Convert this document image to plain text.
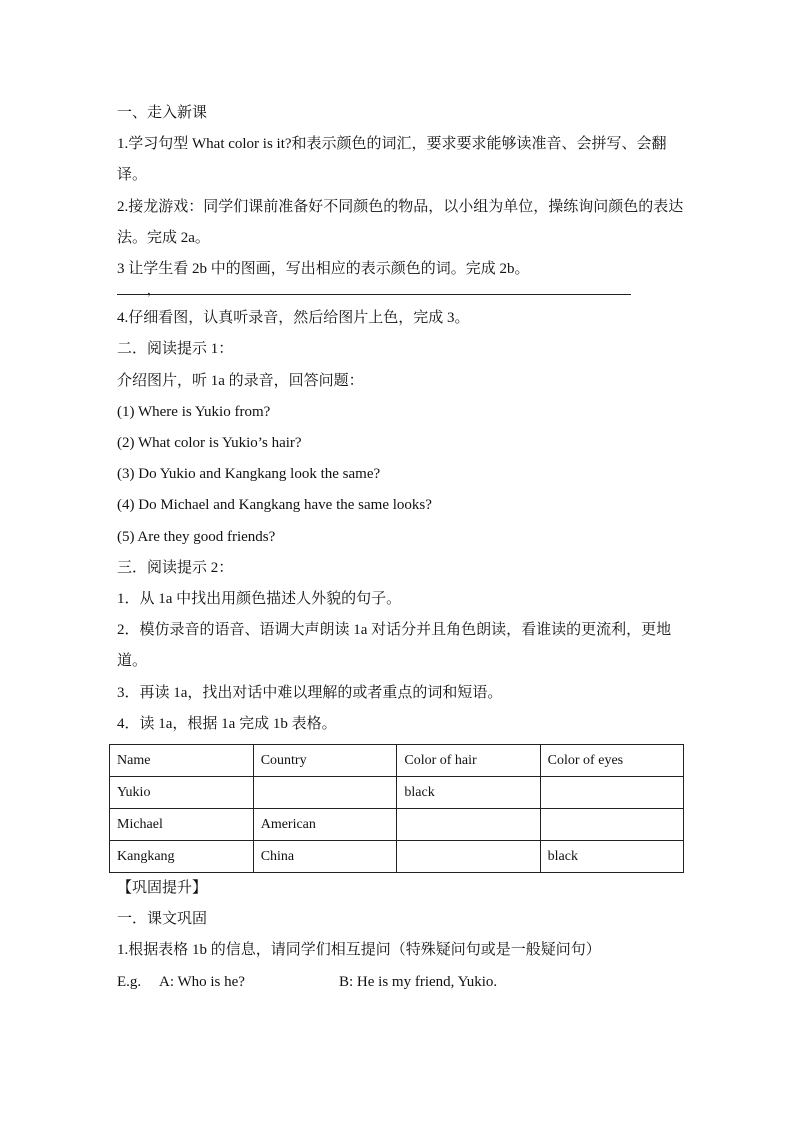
一、走入新课

1.学习句型 What color is it?和表示颜色的词汇，要求要求能够读准音、会拼写、会翻译。

2.接龙游戏：同学们课前准备好不同颜色的物品，以小组为单位，操练询问颜色的表达法。完成 2a。

3 让学生看 2b 中的图画，写出相应的表示颜色的词。完成 2b。

，

4.仔细看图，认真听录音，然后给图片上色，完成 3。

二．阅读提示 1：

介绍图片，听 1a 的录音，回答问题：

(1) Where is Yukio from?

(2) What color is Yukio’s hair?

(3) Do Yukio and Kangkang look the same?

(4) Do Michael and Kangkang have the same looks?

(5) Are they good friends?

三．阅读提示 2：

1．从 1a 中找出用颜色描述人外貌的句子。

2．模仿录音的语音、语调大声朗读 1a 对话分并且角色朗读，看谁读的更流利，更地道。

3．再读 1a，找出对话中难以理解的或者重点的词和短语。

4．读 1a，根据 1a 完成 1b 表格。

Name	Country	Color of hair	Color of eyes
Yukio		black	
Michael	American		
Kangkang	China		black

【巩固提升】

一．课文巩固

1.根据表格 1b 的信息，请同学们相互提问（特殊疑问句或是一般疑问句）

E.g. A: Who is he?	B: He is my friend, Yukio.
